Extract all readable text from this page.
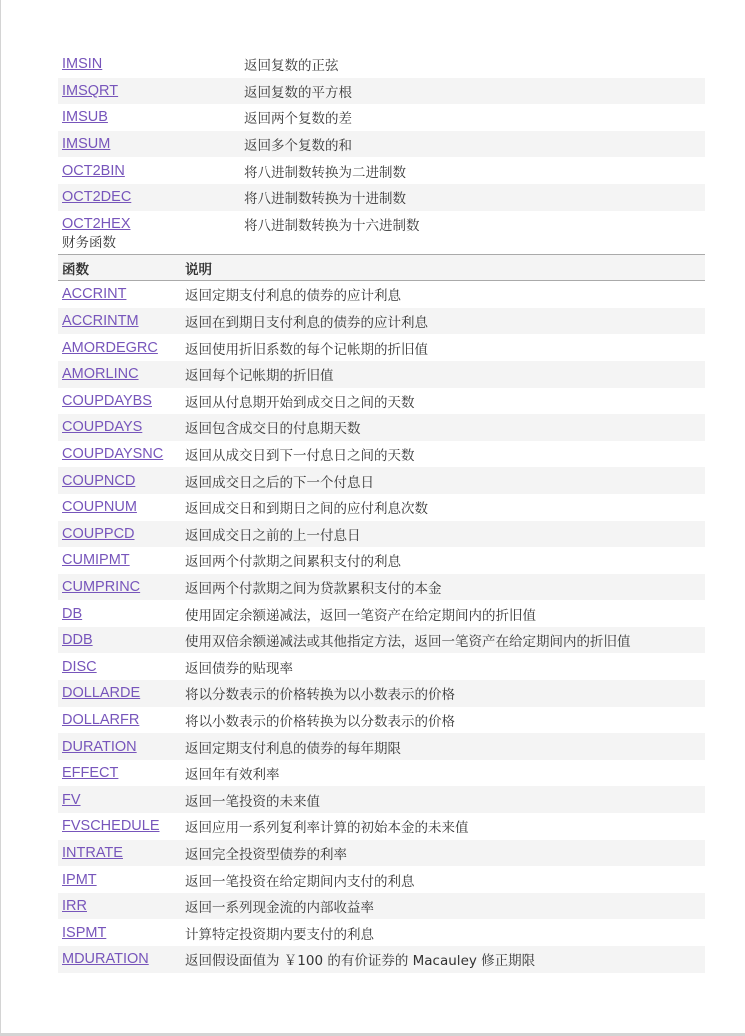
IMSIN	返回复数的正弦
IMSQRT	返回复数的平方根
IMSUB	返回两个复数的差
IMSUM	返回多个复数的和
OCT2BIN	将八进制数转换为二进制数
OCT2DEC	将八进制数转换为十进制数
OCT2HEX	将八进制数转换为十六进制数
财务函数
函数	说明
ACCRINT	返回定期支付利息的债券的应计利息
ACCRINTM	返回在到期日支付利息的债券的应计利息
AMORDEGRC	返回使用折旧系数的每个记帐期的折旧值
AMORLINC	返回每个记帐期的折旧值
COUPDAYBS	返回从付息期开始到成交日之间的天数
COUPDAYS	返回包含成交日的付息期天数
COUPDAYSNC	返回从成交日到下一付息日之间的天数
COUPNCD	返回成交日之后的下一个付息日
COUPNUM	返回成交日和到期日之间的应付利息次数
COUPPCD	返回成交日之前的上一付息日
CUMIPMT	返回两个付款期之间累积支付的利息
CUMPRINC	返回两个付款期之间为贷款累积支付的本金
DB	使用固定余额递减法，返回一笔资产在给定期间内的折旧值
DDB	使用双倍余额递减法或其他指定方法，返回一笔资产在给定期间内的折旧值
DISC	返回债券的贴现率
DOLLARDE	将以分数表示的价格转换为以小数表示的价格
DOLLARFR	将以小数表示的价格转换为以分数表示的价格
DURATION	返回定期支付利息的债券的每年期限
EFFECT	返回年有效利率
FV	返回一笔投资的未来值
FVSCHEDULE	返回应用一系列复利率计算的初始本金的未来值
INTRATE	返回完全投资型债券的利率
IPMT	返回一笔投资在给定期间内支付的利息
IRR	返回一系列现金流的内部收益率
ISPMT	计算特定投资期内要支付的利息
MDURATION	返回假设面值为 ￥100 的有价证券的 Macauley 修正期限
